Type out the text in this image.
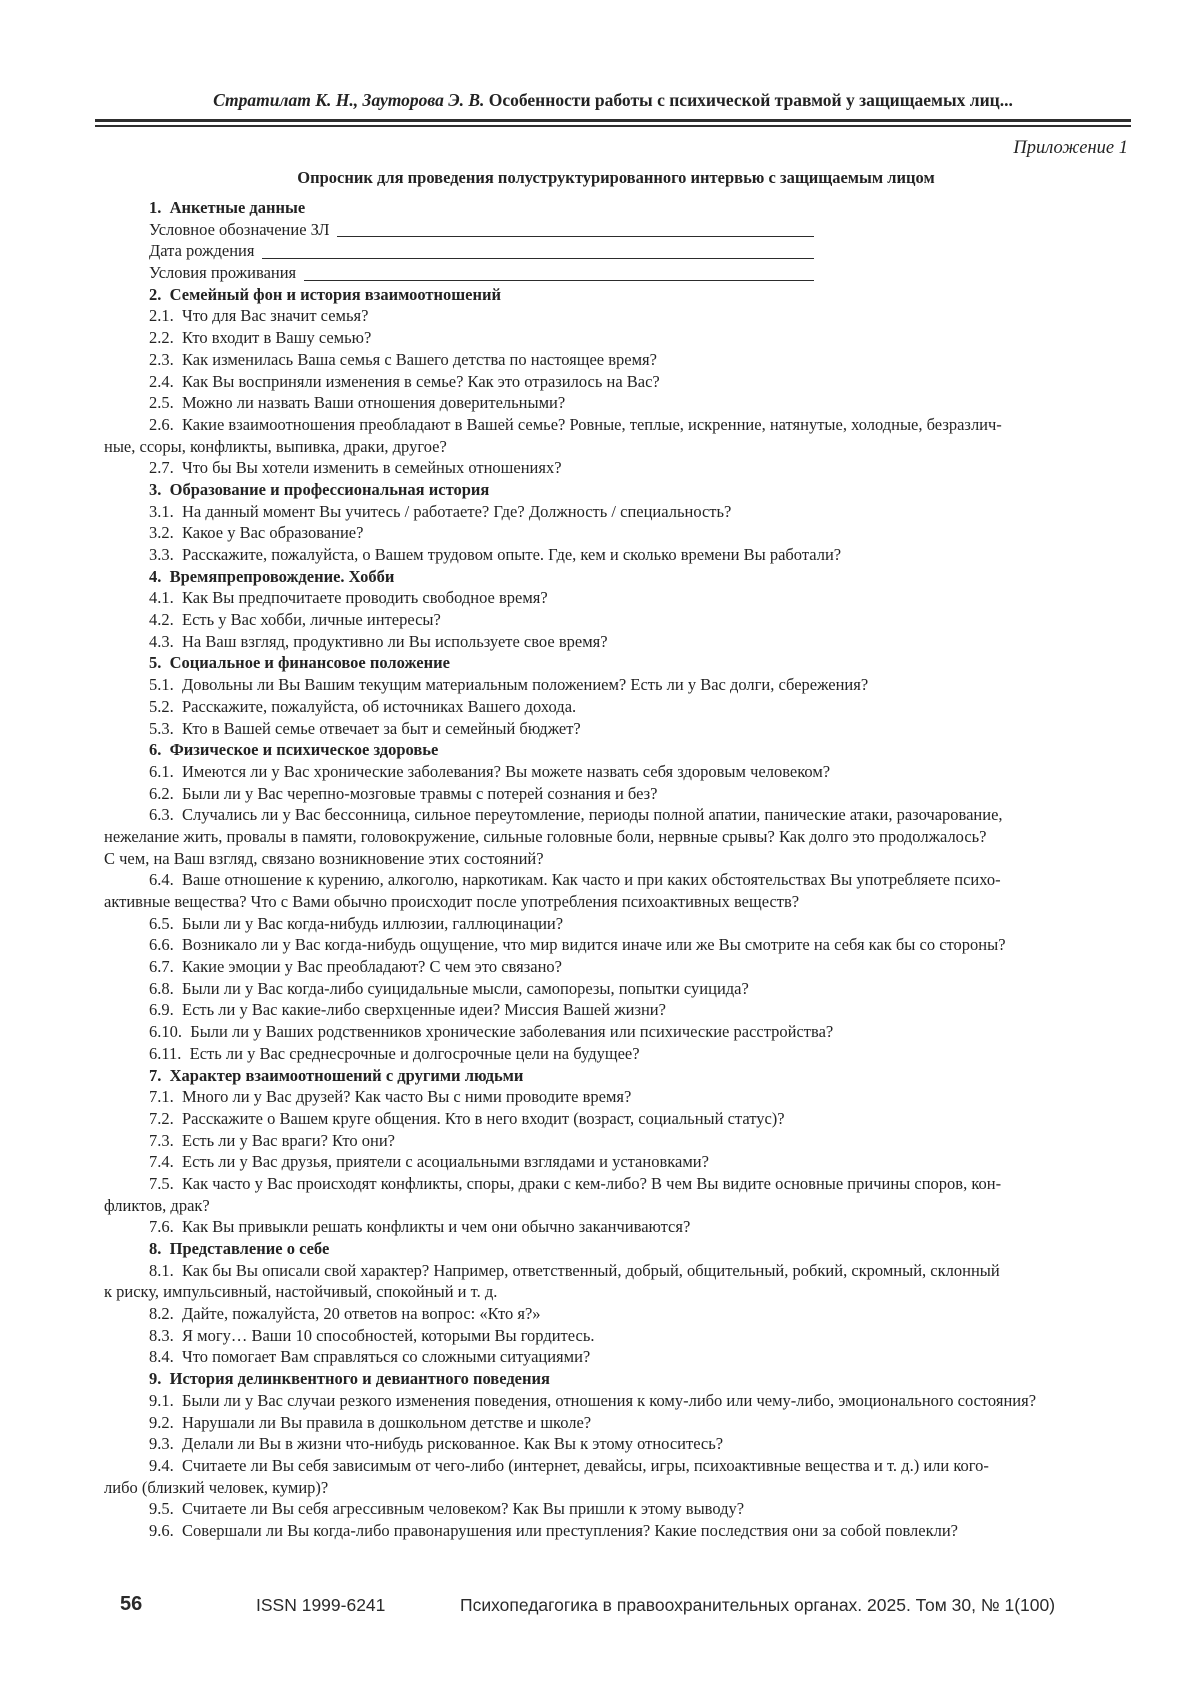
Стратилат К. Н., Зауторова Э. В. Особенности работы с психической травмой у защищаемых лиц...
Приложение 1
Опросник для проведения полуструктурированного интервью с защищаемым лицом
1.  Анкетные данные
Условное обозначение ЗЛ
Дата рождения
Условия проживания
2.  Семейный фон и история взаимоотношений
2.1.  Что для Вас значит семья?
2.2.  Кто входит в Вашу семью?
2.3.  Как изменилась Ваша семья с Вашего детства по настоящее время?
2.4.  Как Вы восприняли изменения в семье? Как это отразилось на Вас?
2.5.  Можно ли назвать Ваши отношения доверительными?
2.6.  Какие взаимоотношения преобладают в Вашей семье? Ровные, теплые, искренние, натянутые, холодные, безразлич-
ные, ссоры, конфликты, выпивка, драки, другое?
2.7.  Что бы Вы хотели изменить в семейных отношениях?
3.  Образование и профессиональная история
3.1.  На данный момент Вы учитесь / работаете? Где? Должность / специальность?
3.2.  Какое у Вас образование?
3.3.  Расскажите, пожалуйста, о Вашем трудовом опыте. Где, кем и сколько времени Вы работали?
4.  Времяпрепровождение. Хобби
4.1.  Как Вы предпочитаете проводить свободное время?
4.2.  Есть у Вас хобби, личные интересы?
4.3.  На Ваш взгляд, продуктивно ли Вы используете свое время?
5.  Социальное и финансовое положение
5.1.  Довольны ли Вы Вашим текущим материальным положением? Есть ли у Вас долги, сбережения?
5.2.  Расскажите, пожалуйста, об источниках Вашего дохода.
5.3.  Кто в Вашей семье отвечает за быт и семейный бюджет?
6.  Физическое и психическое здоровье
6.1.  Имеются ли у Вас хронические заболевания? Вы можете назвать себя здоровым человеком?
6.2.  Были ли у Вас черепно-мозговые травмы с потерей сознания и без?
6.3.  Случались ли у Вас бессонница, сильное переутомление, периоды полной апатии, панические атаки, разочарование,
нежелание жить, провалы в памяти, головокружение, сильные головные боли, нервные срывы? Как долго это продолжалось?
С чем, на Ваш взгляд, связано возникновение этих состояний?
6.4.  Ваше отношение к курению, алкоголю, наркотикам. Как часто и при каких обстоятельствах Вы употребляете психо-
активные вещества? Что с Вами обычно происходит после употребления психоактивных веществ?
6.5.  Были ли у Вас когда-нибудь иллюзии, галлюцинации?
6.6.  Возникало ли у Вас когда-нибудь ощущение, что мир видится иначе или же Вы смотрите на себя как бы со стороны?
6.7.  Какие эмоции у Вас преобладают? С чем это связано?
6.8.  Были ли у Вас когда-либо суицидальные мысли, самопорезы, попытки суицида?
6.9.  Есть ли у Вас какие-либо сверхценные идеи? Миссия Вашей жизни?
6.10.  Были ли у Ваших родственников хронические заболевания или психические расстройства?
6.11.  Есть ли у Вас среднесрочные и долгосрочные цели на будущее?
7.  Характер взаимоотношений с другими людьми
7.1.  Много ли у Вас друзей? Как часто Вы с ними проводите время?
7.2.  Расскажите о Вашем круге общения. Кто в него входит (возраст, социальный статус)?
7.3.  Есть ли у Вас враги? Кто они?
7.4.  Есть ли у Вас друзья, приятели с асоциальными взглядами и установками?
7.5.  Как часто у Вас происходят конфликты, споры, драки с кем-либо? В чем Вы видите основные причины споров, кон-
фликтов, драк?
7.6.  Как Вы привыкли решать конфликты и чем они обычно заканчиваются?
8.  Представление о себе
8.1.  Как бы Вы описали свой характер? Например, ответственный, добрый, общительный, робкий, скромный, склонный
к риску, импульсивный, настойчивый, спокойный и т. д.
8.2.  Дайте, пожалуйста, 20 ответов на вопрос: «Кто я?»
8.3.  Я могу… Ваши 10 способностей, которыми Вы гордитесь.
8.4.  Что помогает Вам справляться со сложными ситуациями?
9.  История делинквентного и девиантного поведения
9.1.  Были ли у Вас случаи резкого изменения поведения, отношения к кому-либо или чему-либо, эмоционального состояния?
9.2.  Нарушали ли Вы правила в дошкольном детстве и школе?
9.3.  Делали ли Вы в жизни что-нибудь рискованное. Как Вы к этому относитесь?
9.4.  Считаете ли Вы себя зависимым от чего-либо (интернет, девайсы, игры, психоактивные вещества и т. д.) или кого-
либо (близкий человек, кумир)?
9.5.  Считаете ли Вы себя агрессивным человеком? Как Вы пришли к этому выводу?
9.6.  Совершали ли Вы когда-либо правонарушения или преступления? Какие последствия они за собой повлекли?
56	ISSN 1999-6241	Психопедагогика в правоохранительных органах. 2025. Том 30, № 1(100)
